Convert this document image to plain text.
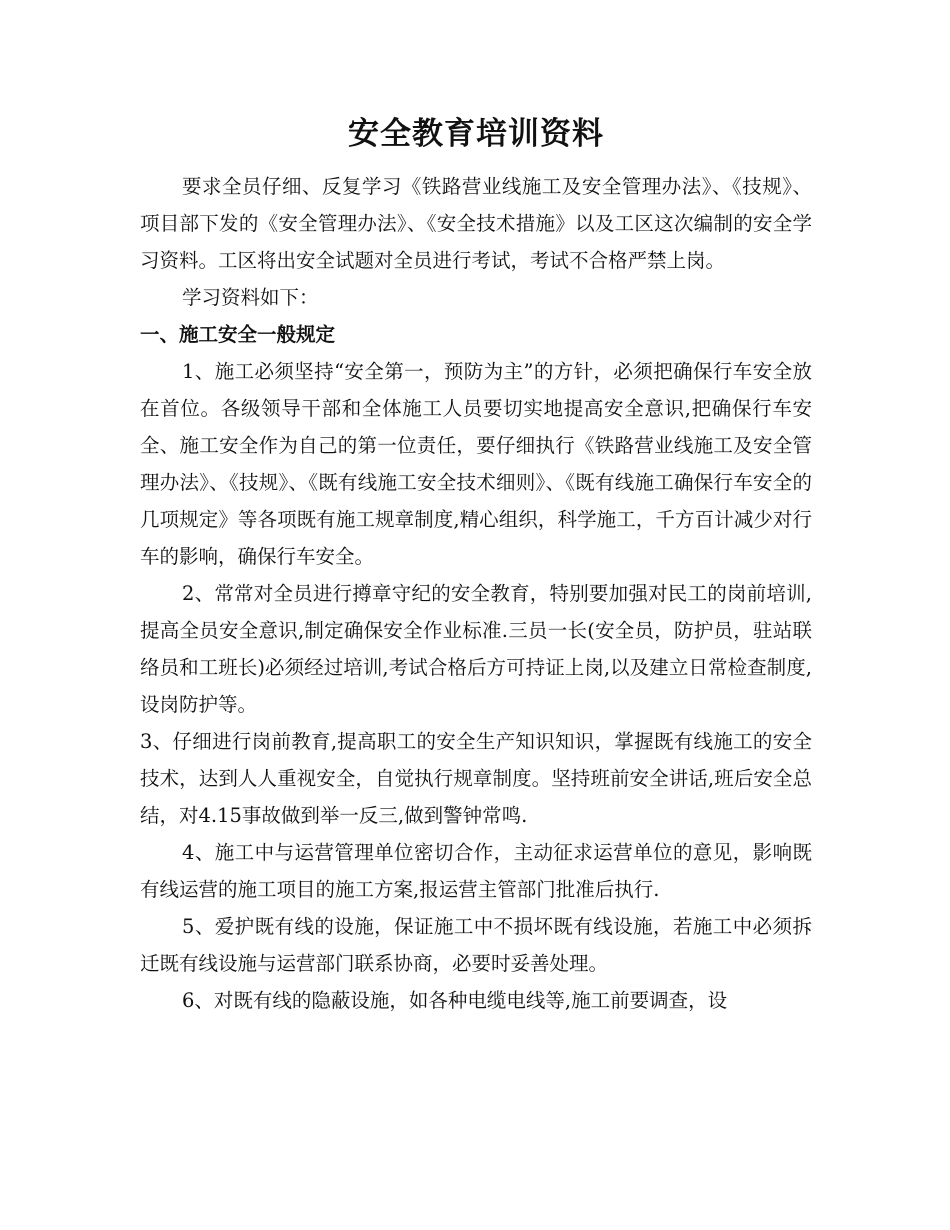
安全教育培训资料

要求全员仔细、反复学习《铁路营业线施工及安全管理办法》、《技规》、项目部下发的《安全管理办法》、《安全技术措施》以及工区这次编制的安全学习资料。工区将出安全试题对全员进行考试，考试不合格严禁上岗。

学习资料如下：

一、施工安全一般规定

1、施工必须坚持“安全第一，预防为主”的方针，必须把确保行车安全放在首位。各级领导干部和全体施工人员要切实地提高安全意识,把确保行车安全、施工安全作为自己的第一位责任，要仔细执行《铁路营业线施工及安全管理办法》、《技规》、《既有线施工安全技术细则》、《既有线施工确保行车安全的几项规定》等各项既有施工规章制度,精心组织，科学施工，千方百计减少对行车的影响，确保行车安全。

2、常常对全员进行撙章守纪的安全教育，特别要加强对民工的岗前培训,提高全员安全意识,制定确保安全作业标准.三员一长(安全员，防护员，驻站联络员和工班长)必须经过培训,考试合格后方可持证上岗,以及建立日常检查制度,设岗防护等。

3、仔细进行岗前教育,提高职工的安全生产知识知识，掌握既有线施工的安全技术，达到人人重视安全，自觉执行规章制度。坚持班前安全讲话,班后安全总结，对4.15事故做到举一反三,做到警钟常鸣.

4、施工中与运营管理单位密切合作，主动征求运营单位的意见，影响既有线运营的施工项目的施工方案,报运营主管部门批准后执行.

5、爱护既有线的设施，保证施工中不损坏既有线设施，若施工中必须拆迁既有线设施与运营部门联系协商，必要时妥善处理。

6、对既有线的隐蔽设施，如各种电缆电线等,施工前要调查，设
